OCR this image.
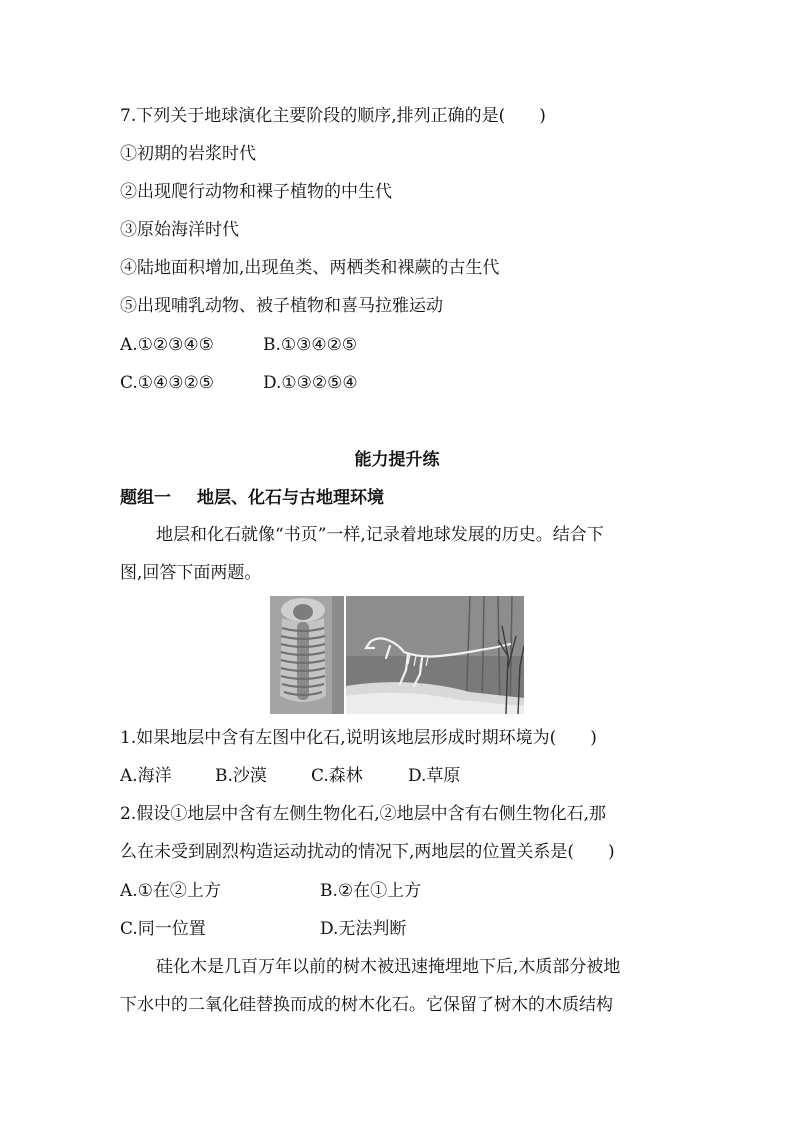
7.下列关于地球演化主要阶段的顺序,排列正确的是(　　)
①初期的岩浆时代
②出现爬行动物和裸子植物的中生代
③原始海洋时代
④陆地面积增加,出现鱼类、两栖类和裸蕨的古生代
⑤出现哺乳动物、被子植物和喜马拉雅运动
A.①②③④⑤	B.①③④②⑤
C.①④③②⑤	D.①③②⑤④
能力提升练
题组一 地层、化石与古地理环境
地层和化石就像“书页”一样,记录着地球发展的历史。结合下
图,回答下面两题。
1.如果地层中含有左图中化石,说明该地层形成时期环境为(　　)
A.海洋	B.沙漠	C.森林	D.草原
2.假设①地层中含有左侧生物化石,②地层中含有右侧生物化石,那
么在未受到剧烈构造运动扰动的情况下,两地层的位置关系是(　　)
A.①在②上方	B.②在①上方
C.同一位置	D.无法判断
硅化木是几百万年以前的树木被迅速掩埋地下后,木质部分被地
下水中的二氧化硅替换而成的树木化石。它保留了树木的木质结构
